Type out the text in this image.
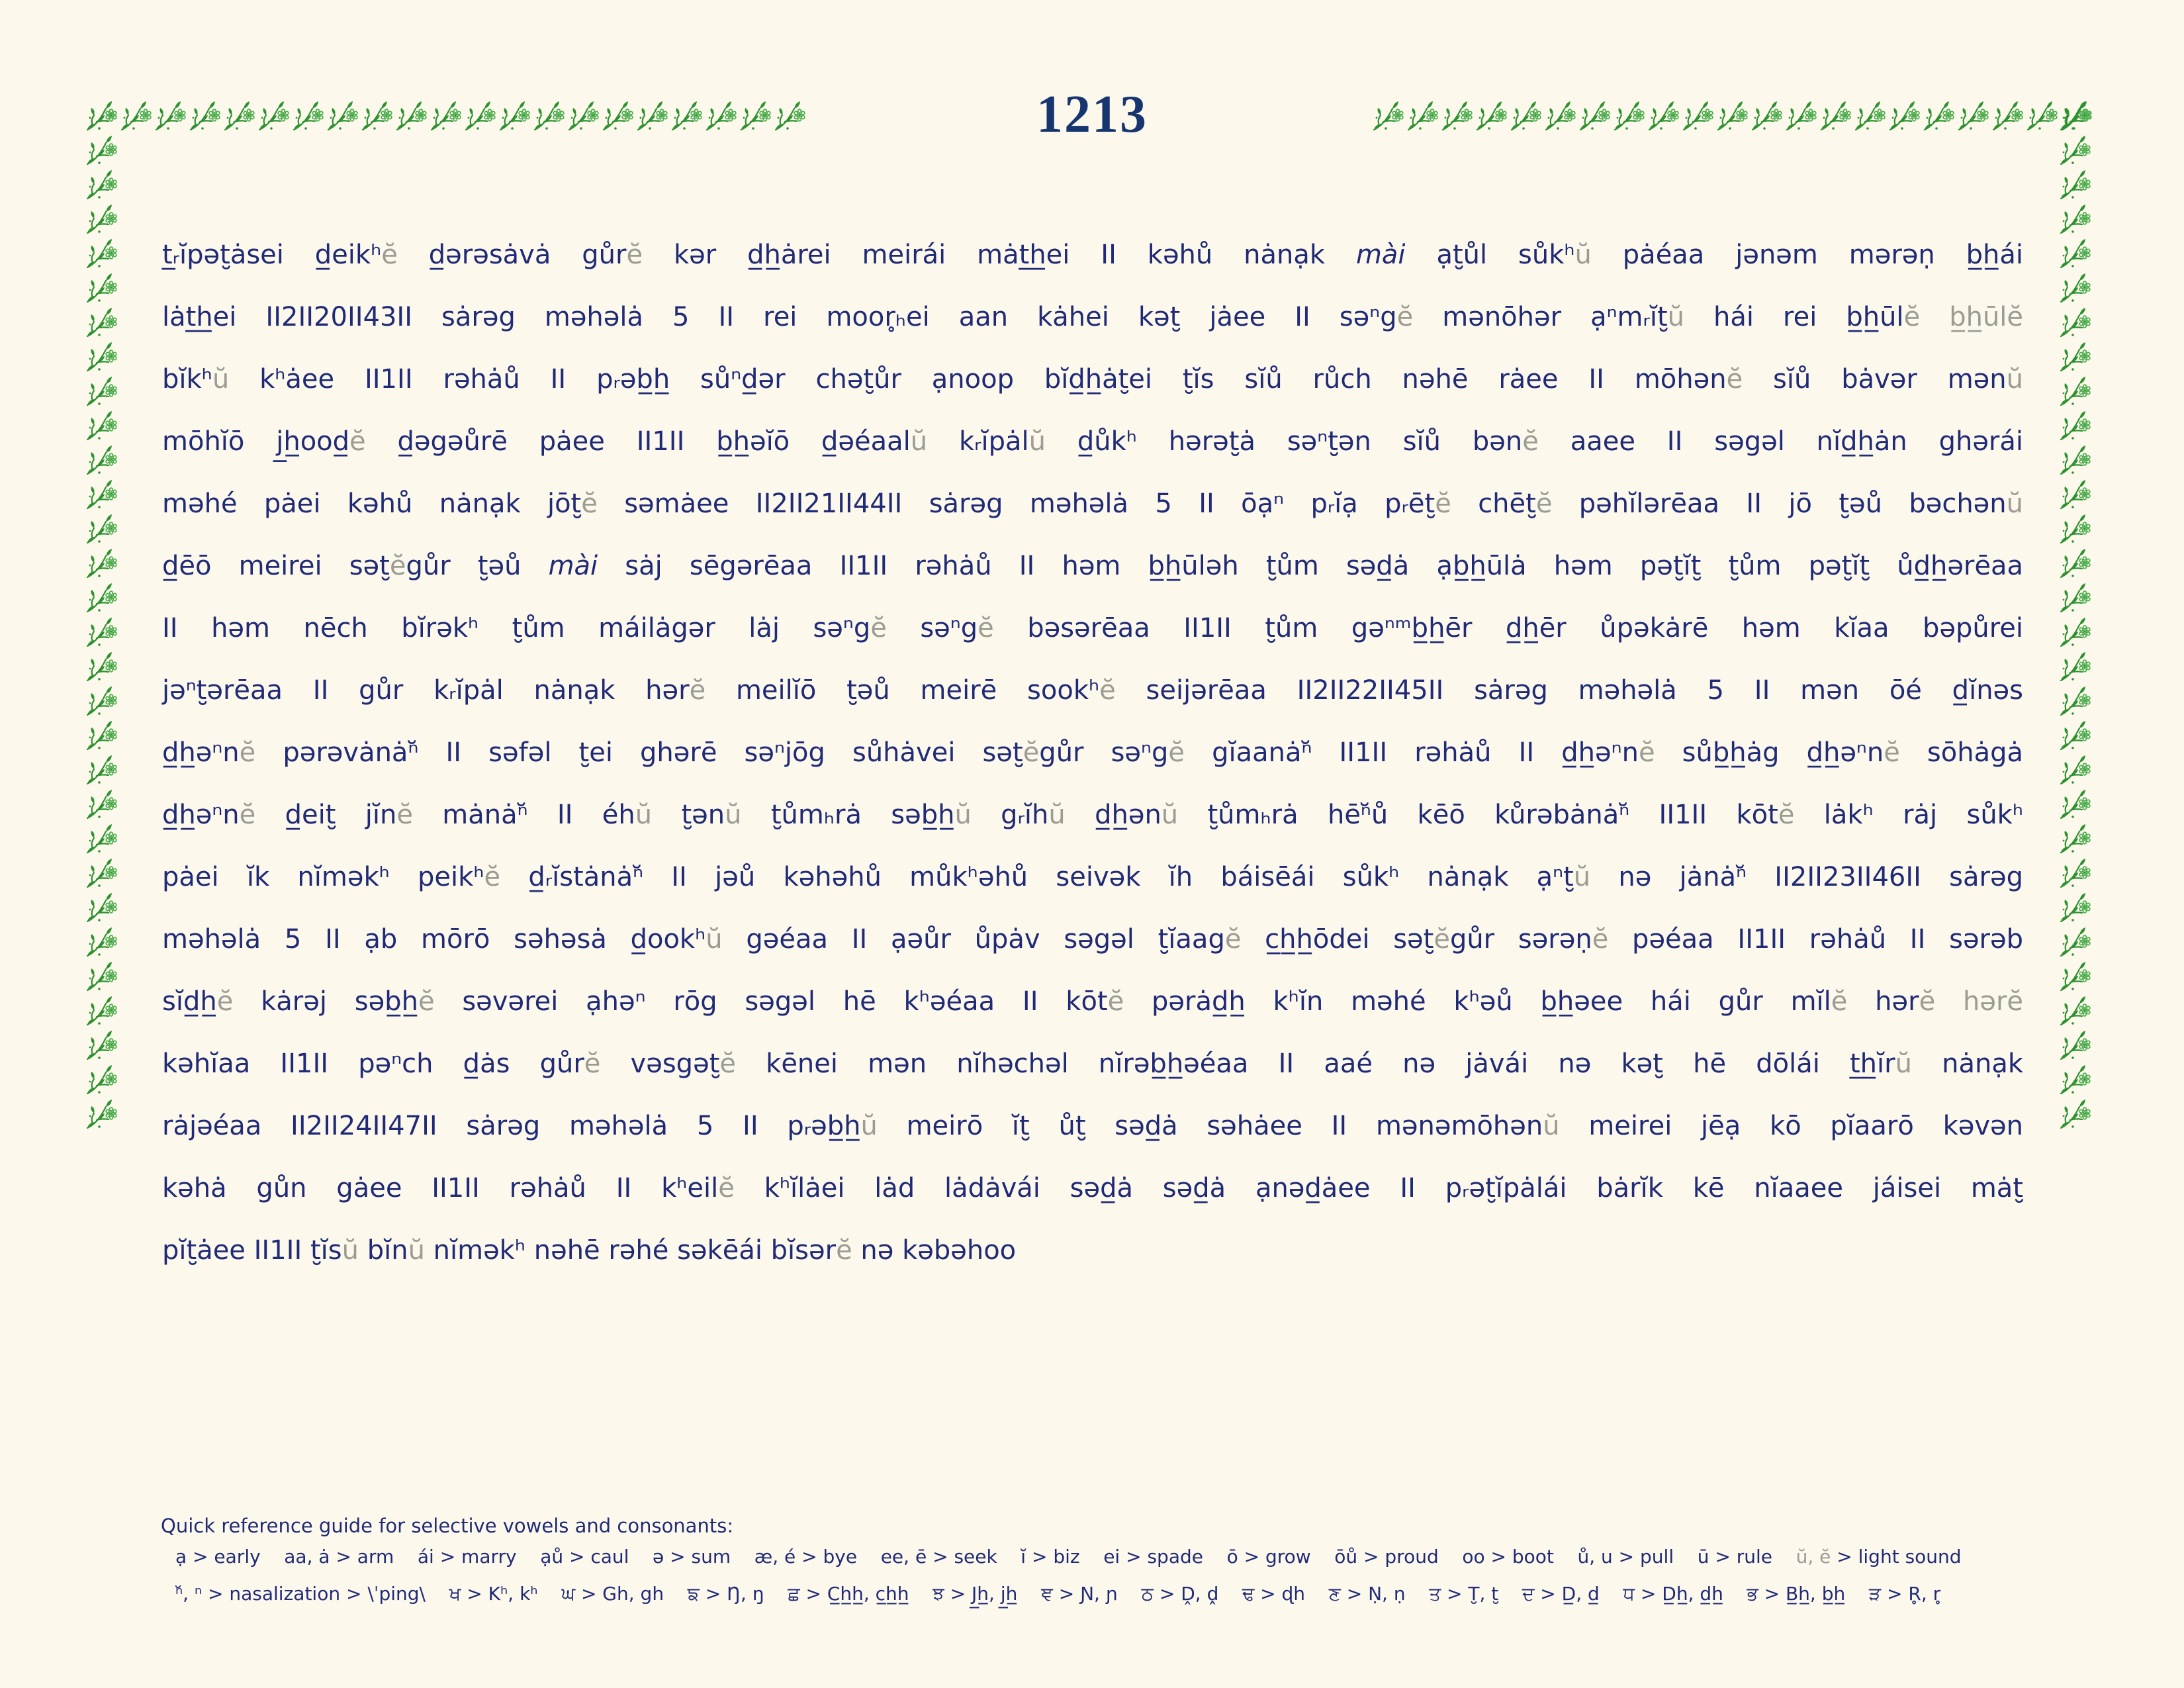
1213
t̲ᵣĭpət̮ȧsei d̲eikʰĕ d̲ərəsȧvȧ gůrĕ kər d̲h̲ȧrei meirái mȧt̲h̲ei II kəhů nȧnạk mài ạt̮ůl sůkʰŭ pȧéaa jənəm mərəṇ b̲h̲ái
lȧt̲h̲ei II2II20II43II sȧrəg məhəlȧ 5 II rei moor̥ₕei aan kȧhei kət̮ jȧee II səⁿgĕ mənōhər ạⁿmᵣĭt̮ŭ hái rei b̲h̲ūlĕ b̲h̲ūlĕ
bĭkʰŭ kʰȧee II1II rəhȧů II pᵣəb̲h̲ sůⁿd̲ər chət̮ůr ạnoop bĭd̲h̲ȧt̮ei t̮ĭs sĭů růch nəhē rȧee II mōhənĕ sĭů bȧvər mənŭ
mōhĭō j̲h̲ood̲ĕ d̲əgəůrē pȧee II1II b̲h̲əĭō d̲əéaalŭ kᵣĭpȧlŭ d̲ůkʰ hərət̮ȧ səⁿt̮ən sĭů bənĕ aaee II səgəl nĭd̲h̲ȧn ghərái
məhé pȧei kəhů nȧnạk jōt̮ĕ səmȧee II2II21II44II sȧrəg məhəlȧ 5 II ōạⁿ pᵣĭạ pᵣēt̮ĕ chēt̮ĕ pəhĭlərēaa II jō t̮əů bəchənŭ
d̲ēō meirei sət̮ĕgůr t̮əů mài sȧj sēgərēaa II1II rəhȧů II həm b̲h̲ūləh t̮ům səd̲ȧ ạb̲h̲ūlȧ həm pət̮ĭt̮ t̮ům pət̮ĭt̮ ůd̲h̲ərēaa
II həm nēch bĭrəkʰ t̮ům máilȧgər lȧj səⁿgĕ səⁿgĕ bəsərēaa II1II t̮ům gəⁿᵐb̲h̲ēr d̲h̲ēr ůpəkȧrē həm kĭaa bəpůrei
jəⁿt̮ərēaa II gůr kᵣĭpȧl nȧnạk hərĕ meilĭō t̮əů meirē sookʰĕ seijərēaa II2II22II45II sȧrəg məhəlȧ 5 II mən ōé d̲ĭnəs
d̲h̲əⁿnĕ pərəvȧnȧⁿ̆ II səfəl t̮ei ghərē səⁿjōg sůhȧvei sət̮ĕgůr səⁿgĕ gĭaanȧⁿ̆ II1II rəhȧů II d̲h̲əⁿnĕ sůb̲h̲ȧg d̲h̲əⁿnĕ sōhȧgȧ
d̲h̲əⁿnĕ d̲eit̮ jĭnĕ mȧnȧⁿ̆ II éhŭ t̮ənŭ t̮ůmₕrȧ səb̲h̲ŭ gᵣĭhŭ d̲h̲ənŭ t̮ůmₕrȧ hēⁿ̆ů kēō kůrəbȧnȧⁿ̆ II1II kōtĕ lȧkʰ rȧj sůkʰ
pȧei ĭk nĭməkʰ peikʰĕ d̲ᵣĭstȧnȧⁿ̆ II jəů kəhəhů můkʰəhů seivək ĭh báisēái sůkʰ nȧnạk ạⁿt̮ŭ nə jȧnȧⁿ̆ II2II23II46II sȧrəg
məhəlȧ 5 II ạb mōrō səhəsȧ d̲ookʰŭ gəéaa II ạəůr ůpȧv səgəl t̮ĭaagĕ c̲h̲h̲ōdei sət̮ĕgůr sərəṇĕ pəéaa II1II rəhȧů II sərəb
sĭd̲h̲ĕ kȧrəj səb̲h̲ĕ səvərei ạhəⁿ rōg səgəl hē kʰəéaa II kōtĕ pərȧd̲h̲ kʰĭn məhé kʰəů b̲h̲əee hái gůr mĭlĕ hərĕ hərĕ
kəhĭaa II1II pəⁿch d̲ȧs gůrĕ vəsgət̮ĕ kēnei mən nĭhəchəl nĭrəb̲h̲əéaa II aaé nə jȧvái nə kət̮ hē dōlái t̲h̲ĭrŭ nȧnạk
rȧjəéaa II2II24II47II sȧrəg məhəlȧ 5 II pᵣəb̲h̲ŭ meirō ĭt̮ ůt̮ səd̲ȧ səhȧee II mənəmōhənŭ meirei jēạ kō pĭaarō kəvən
kəhȧ gůn gȧee II1II rəhȧů II kʰeilĕ kʰĭlȧei lȧd lȧdȧvái səd̲ȧ səd̲ȧ ạnəd̲ȧee II pᵣət̮ĭpȧlái bȧrĭk kē nĭaaee jáisei mȧt̮
pĭt̮ȧee II1II t̮ĭsŭ bĭnŭ nĭməkʰ nəhē rəhé səkēái bĭsərĕ nə kəbəhoo
Quick reference guide for selective vowels and consonants:
ạ > early    aa, ȧ > arm    ái > marry    ạů > caul    ə > sum    æ, é > bye    ee, ē > seek    ĭ > biz    ei > spade    ō > grow    ōů > proud    oo > boot    ů, u > pull    ū > rule    ŭ, ĕ > light sound
ⁿ̆, ⁿ > nasalization > \ˈping\    ਖ > Kʰ, kʰ    ਘ > Gh, gh    ਙ > Ŋ, ŋ    ਛ > C̲h̲h̲, c̲h̲h̲    ਝ > J̲h̲, j̲h̲    ਞ > Ɲ, ɲ    ਠ > Ḓ, ḓ    ਢ > ɖh    ਣ > Ṇ, ṇ    ਤ > T̮, t̮    ਦ > D̲, d̲    ਧ > D̲h̲, d̲h̲    ਭ > B̲h̲, b̲h̲    ੜ > R̥, r̥
